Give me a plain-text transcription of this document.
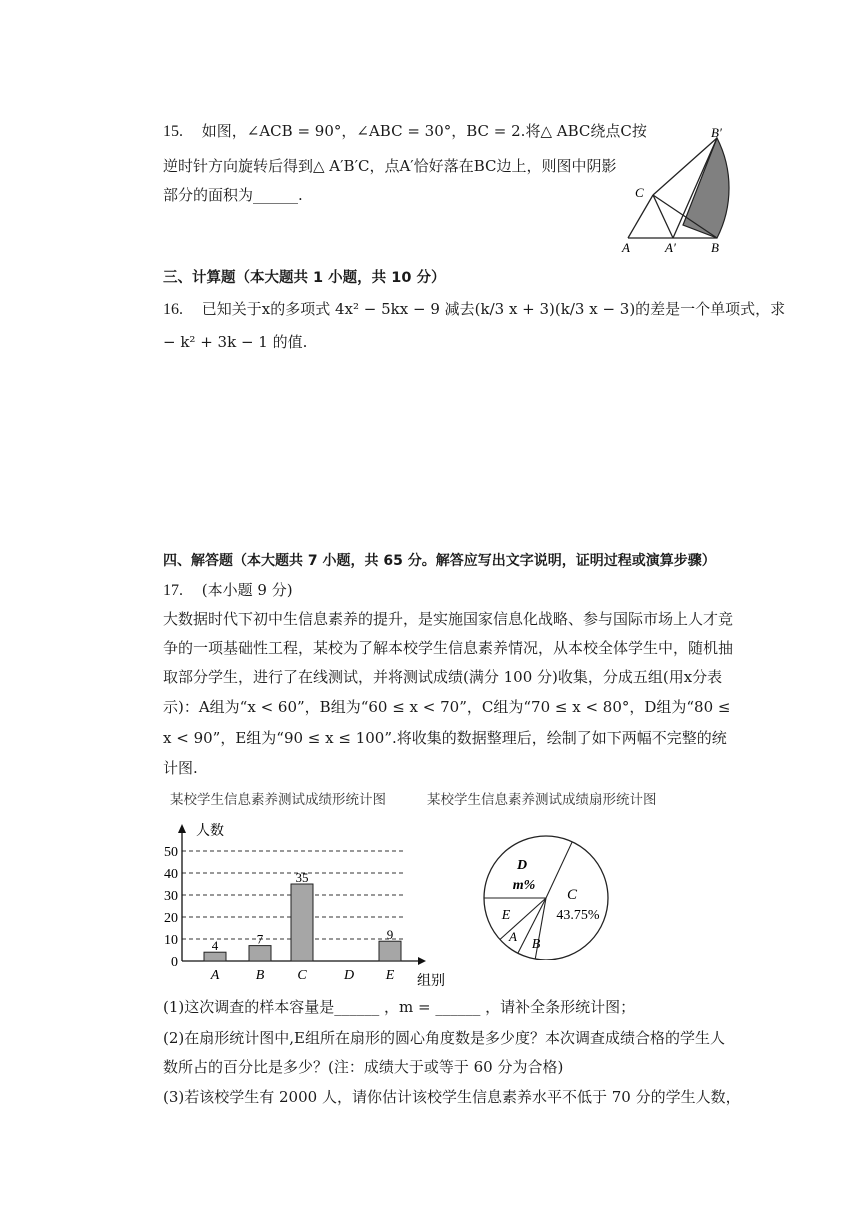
15. 如图，∠ACB = 90°，∠ABC = 30°，BC = 2.将△ ABC绕点C按
逆时针方向旋转后得到△ A′B′C，点A′恰好落在BC边上，则图中阴影
部分的面积为______.
B′
C
A	A′	B
三、计算题（本大题共 1 小题，共 10 分）
16. 已知关于x的多项式 4x² − 5kx − 9 减去(k/3 x + 3)(k/3 x − 3)的差是一个单项式，求
− k² + 3k − 1 的值.
四、解答题（本大题共 7 小题，共 65 分。解答应写出文字说明，证明过程或演算步骤）
17. (本小题 9 分)
大数据时代下初中生信息素养的提升，是实施国家信息化战略、参与国际市场上人才竞
争的一项基础性工程，某校为了解本校学生信息素养情况，从本校全体学生中，随机抽
取部分学生，进行了在线测试，并将测试成绩(满分 100 分)收集，分成五组(用x分表
示)：A组为“x < 60”，B组为“60 ≤ x < 70”，C组为“70 ≤ x < 80°，D组为“80 ≤
x < 90”，E组为“90 ≤ x ≤ 100”.将收集的数据整理后，绘制了如下两幅不完整的统
计图.
某校学生信息素养测试成绩形统计图	某校学生信息素养测试成绩扇形统计图
0
10
20
30
40
50
人数
组别
4
A
7
B
35
C	D
9
E
D
m%
C
43.75%
B
A
E
(1)这次调查的样本容量是______ ，m = ______ ，请补全条形统计图；
(2)在扇形统计图中,E组所在扇形的圆心角度数是多少度？本次调查成绩合格的学生人
数所占的百分比是多少？(注：成绩大于或等于 60 分为合格)
(3)若该校学生有 2000 人，请你估计该校学生信息素养水平不低于 70 分的学生人数，
